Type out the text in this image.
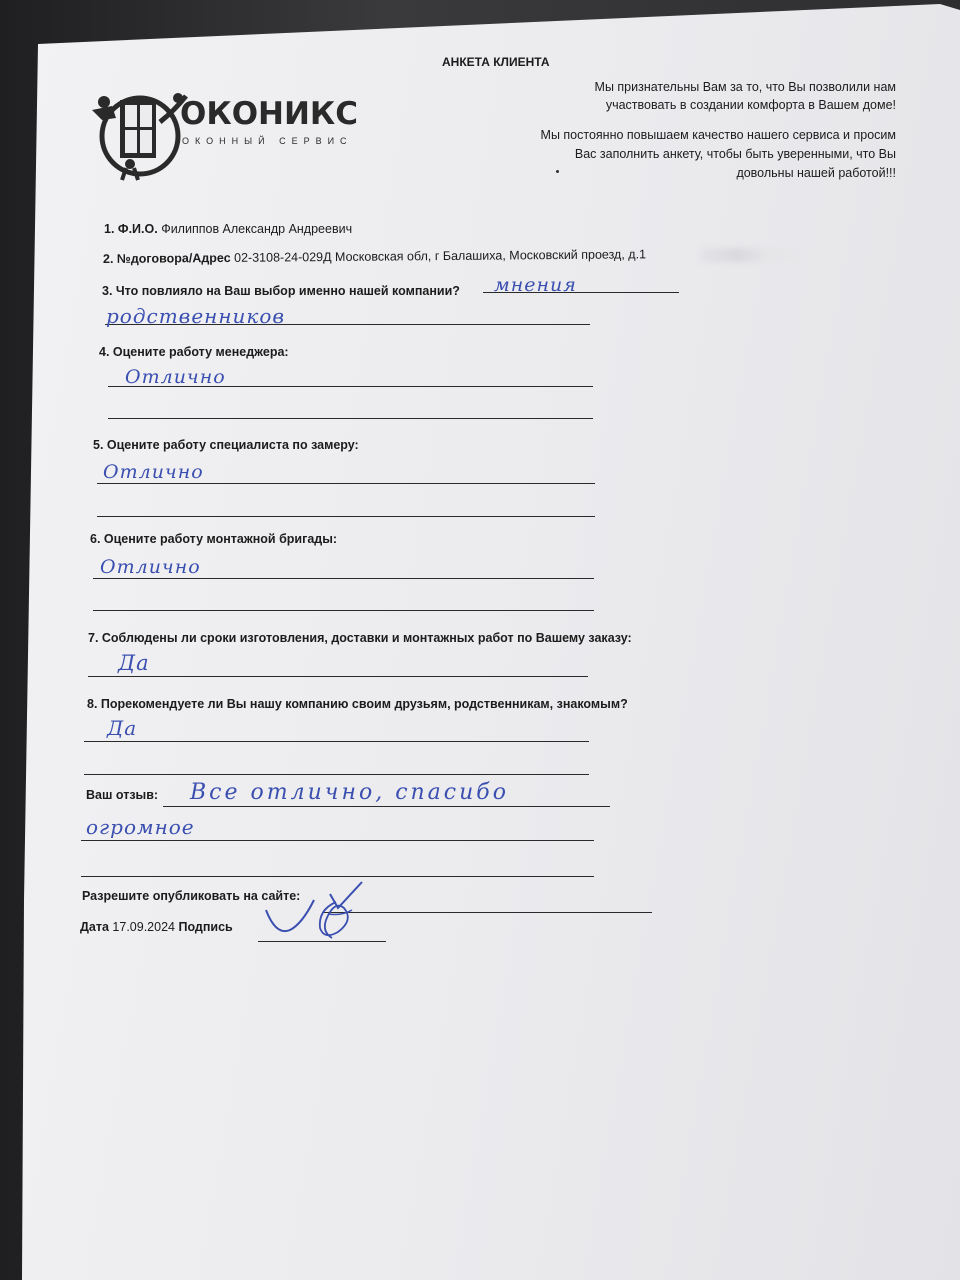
АНКЕТА КЛИЕНТА
Мы признательны Вам за то, что Вы позволили нам
участвовать в создании комфорта в Вашем доме!
Мы постоянно повышаем качество нашего сервиса и просим
Вас заполнить анкету, чтобы быть уверенными, что Вы
довольны нашей работой!!!
ОКОНИКС
ОКОННЫЙ СЕРВИС
1. Ф.И.О. Филиппов Александр Андреевич
2. №договора/Адрес 02-3108-24-029Д Московская обл, г Балашиха, Московский проезд, д.1
3. Что повлияло на Ваш выбор именно нашей компании? мнения
родственников
4. Оцените работу менеджера:
Отлично
5. Оцените работу специалиста по замеру:
Отлично
6. Оцените работу монтажной бригады:
Отлично
7. Соблюдены ли сроки изготовления, доставки и монтажных работ по Вашему заказу:
Да
8. Порекомендуете ли Вы нашу компанию своим друзьям, родственникам, знакомым?
Да
Ваш отзыв: Все отлично, спасибо
огромное
Разрешите опубликовать на сайте:
Дата 17.09.2024 Подпись
